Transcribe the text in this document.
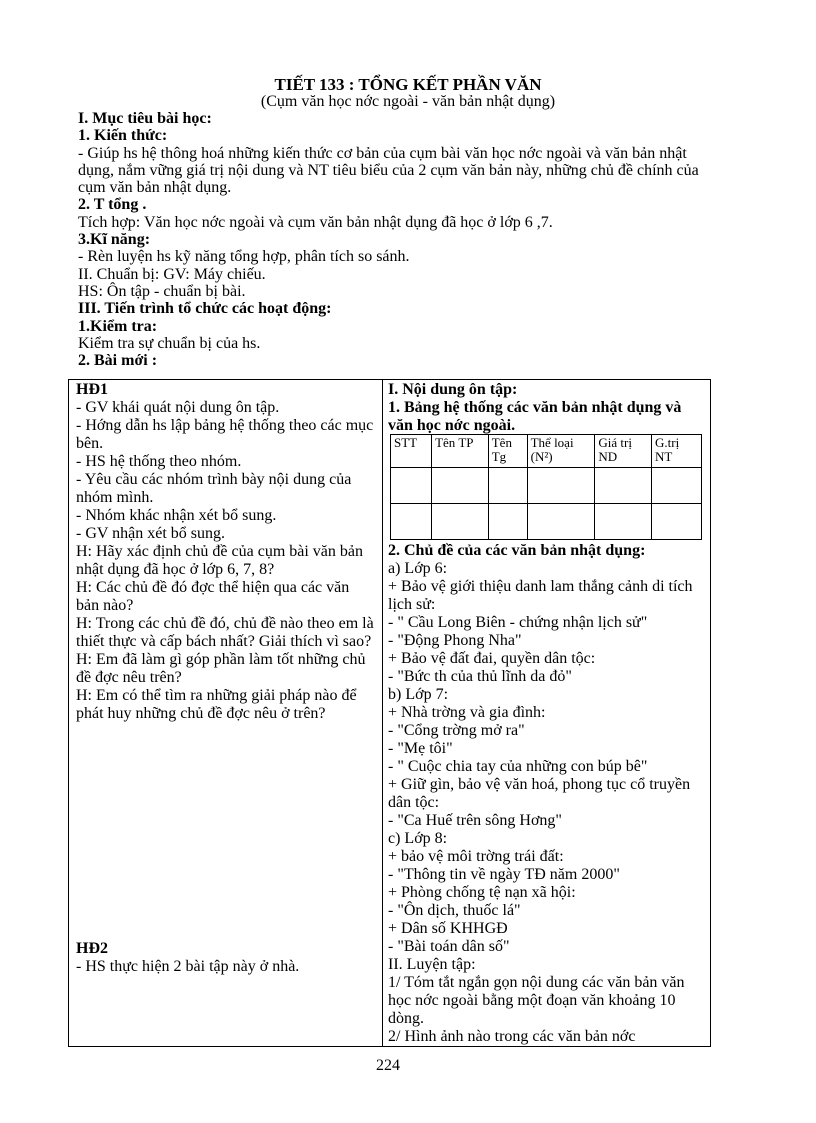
TIẾT 133 : TỔNG KẾT PHẦN VĂN
(Cụm văn học nớc ngoài - văn bản nhật dụng)

I. Mục tiêu bài học:

1. Kiến thức:

- Giúp hs hệ thông hoá những kiến thức cơ bản của cụm bài văn học nớc ngoài và văn bản nhật dụng, nắm vững giá trị nội dung và NT tiêu biểu của 2 cụm văn bản này, những chủ đề chính của cụm văn bản nhật dụng.

2. T tổng .

Tích hợp: Văn học nớc ngoài và cụm văn bản nhật dụng đã học ở lớp 6 ,7.

3.Kĩ năng:

- Rèn luyện hs kỹ năng tổng hợp, phân tích so sánh.

II. Chuẩn bị: GV: Máy chiếu.

HS: Ôn tập - chuẩn bị bài.

III. Tiến trình tổ chức các hoạt động:

1.Kiểm tra:

Kiểm tra sự chuẩn bị của hs.

2. Bài mới :

HĐ1

- GV khái quát nội dung ôn tập.

- Hớng dẫn hs lập bảng hệ thống theo các mục bên.

- HS hệ thống theo nhóm.

- Yêu cầu các nhóm trình bày nội dung của nhóm mình.

- Nhóm khác nhận xét bổ sung.

- GV nhận xét bổ sung.

H: Hãy xác định chủ đề của cụm bài văn bản nhật dụng đã học ở lớp 6, 7, 8?

H: Các chủ đề đó đợc thể hiện qua các văn bản nào?

H: Trong các chủ đề đó, chủ đề nào theo em là thiết thực và cấp bách nhất? Giải thích vì sao?

H: Em đã làm gì góp phần làm tốt những chủ đề đợc nêu trên?

H: Em có thể tìm ra những giải pháp nào để phát huy những chủ đề đợc nêu ở trên?

HĐ2

- HS thực hiện 2 bài tập này ở nhà.

I. Nội dung ôn tập:

1. Bảng hệ thống các văn bản nhật dụng và văn học nớc ngoài.

STT	Tên TP	Tên Tg	Thể loại (N²)	Giá trị ND	G.trị NT

2. Chủ đề của các văn bản nhật dụng:

a) Lớp 6:

+ Bảo vệ giới thiệu danh lam thắng cảnh di tích lịch sử:

- " Cầu Long Biên - chứng nhận lịch sử"

- "Động Phong Nha"

+ Bảo vệ đất đai, quyền dân tộc:

- "Bức th của thủ lĩnh da đỏ"

b) Lớp 7:

+ Nhà trờng và gia đình:

- "Cổng trờng mở ra"

- "Mẹ tôi"

- " Cuộc chia tay của những con búp bê"

+ Giữ gìn, bảo vệ văn hoá, phong tục cổ truyền dân tộc:

- "Ca Huế trên sông Hơng"

c) Lớp 8:

+ bảo vệ môi trờng trái đất:

- "Thông tin về ngày TĐ năm 2000"

+ Phòng chống tệ nạn xã hội:

- "Ôn dịch, thuốc lá"

+ Dân số KHHGĐ

- "Bài toán dân số"

II. Luyện tập:

1/ Tóm tắt ngắn gọn nội dung các văn bản văn học nớc ngoài bằng một đoạn văn khoảng 10 dòng.

2/ Hình ảnh nào trong các văn bản nớc

224
